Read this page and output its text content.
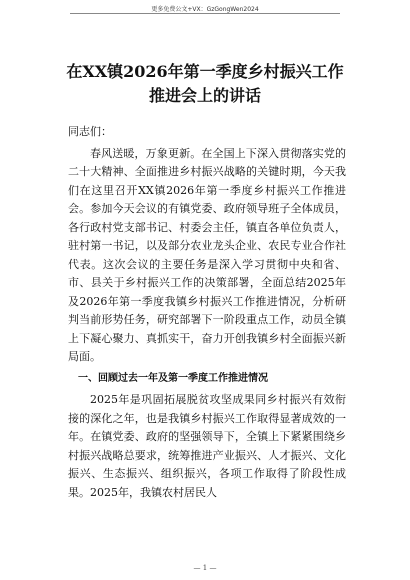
更多免费公文+VX：GzGongWen2024
在XX镇2026年第一季度乡村振兴工作
推进会上的讲话

同志们：

春风送暖，万象更新。在全国上下深入贯彻落实党的二十大精神、全面推进乡村振兴战略的关键时期，今天我们在这里召开XX镇2026年第一季度乡村振兴工作推进会。参加今天会议的有镇党委、政府领导班子全体成员，各行政村党支部书记、村委会主任，镇直各单位负责人，驻村第一书记，以及部分农业龙头企业、农民专业合作社代表。这次会议的主要任务是深入学习贯彻中央和省、市、县关于乡村振兴工作的决策部署，全面总结2025年及2026年第一季度我镇乡村振兴工作推进情况，分析研判当前形势任务，研究部署下一阶段重点工作，动员全镇上下凝心聚力、真抓实干，奋力开创我镇乡村全面振兴新局面。

一、回顾过去一年及第一季度工作推进情况

2025年是巩固拓展脱贫攻坚成果同乡村振兴有效衔接的深化之年，也是我镇乡村振兴工作取得显著成效的一年。在镇党委、政府的坚强领导下，全镇上下紧紧围绕乡村振兴战略总要求，统筹推进产业振兴、人才振兴、文化振兴、生态振兴、组织振兴，各项工作取得了阶段性成果。2025年，我镇农村居民人

— 1 —
